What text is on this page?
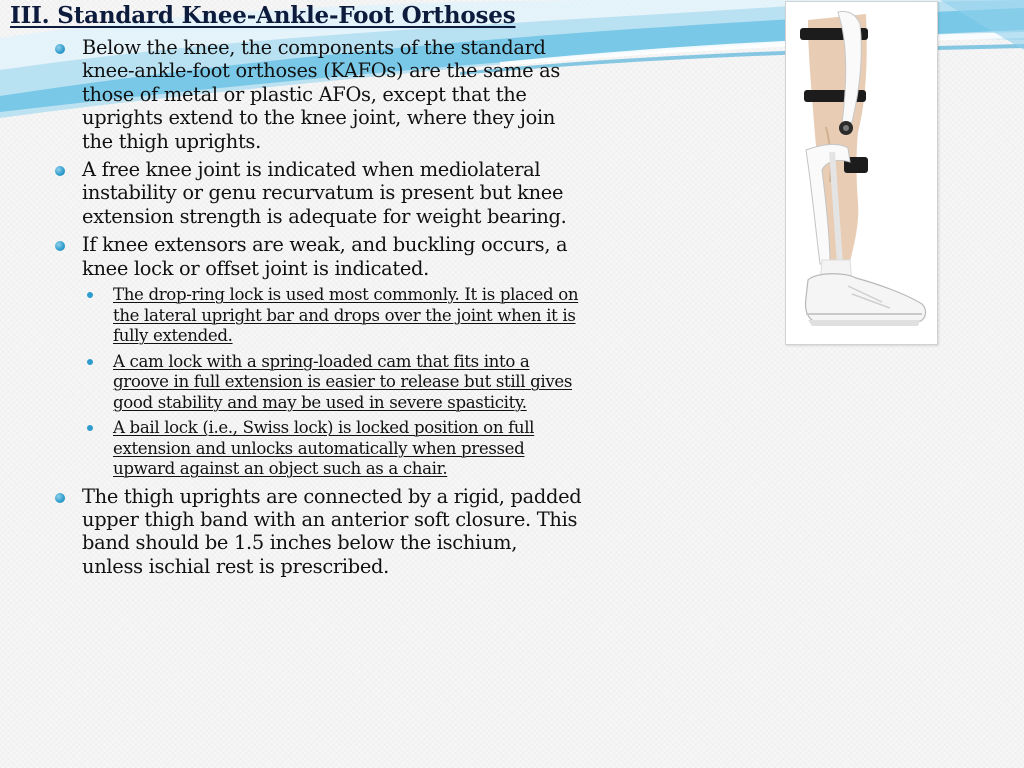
III. Standard Knee-Ankle-Foot Orthoses

Below the knee, the components of the standard knee-ankle-foot orthoses (KAFOs) are the same as those of metal or plastic AFOs, except that the uprights extend to the knee joint, where they join the thigh uprights.

A free knee joint is indicated when mediolateral instability or genu recurvatum is present but knee extension strength is adequate for weight bearing.

If knee extensors are weak, and buckling occurs, a knee lock or offset joint is indicated.

The drop-ring lock is used most commonly. It is placed on the lateral upright bar and drops over the joint when it is fully extended.

A cam lock with a spring-loaded cam that fits into a groove in full extension is easier to release but still gives good stability and may be used in severe spasticity.

A bail lock (i.e., Swiss lock) is locked position on full extension and unlocks automatically when pressed upward against an object such as a chair.

The thigh uprights are connected by a rigid, padded upper thigh band with an anterior soft closure. This band should be 1.5 inches below the ischium, unless ischial rest is prescribed.
